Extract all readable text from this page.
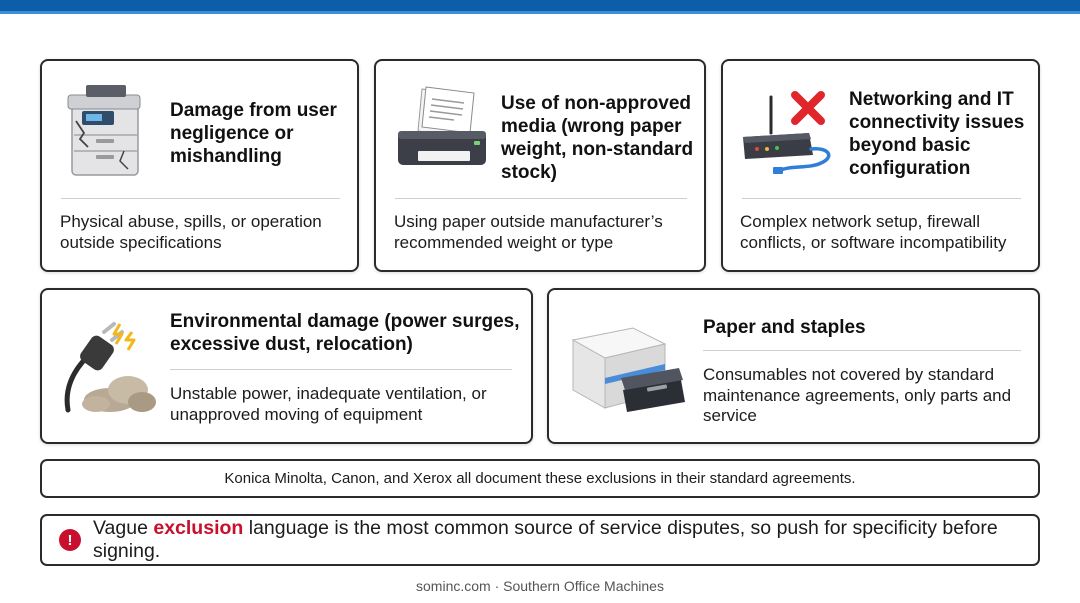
Damage from user negligence or mishandling
Physical abuse, spills, or operation outside specifications
Use of non-approved media (wrong paper weight, non-standard stock)
Using paper outside manufacturer’s recommended weight or type
Networking and IT connectivity issues beyond basic configuration
Complex network setup, firewall conflicts, or software incompatibility
Environmental damage (power surges, excessive dust, relocation)
Unstable power, inadequate ventilation, or unapproved moving of equipment
Paper and staples
Consumables not covered by standard maintenance agreements, only parts and service
Konica Minolta, Canon, and Xerox all document these exclusions in their standard agreements.
!
Vague exclusion language is the most common source of service disputes, so push for specificity before signing.
sominc.com · Southern Office Machines
